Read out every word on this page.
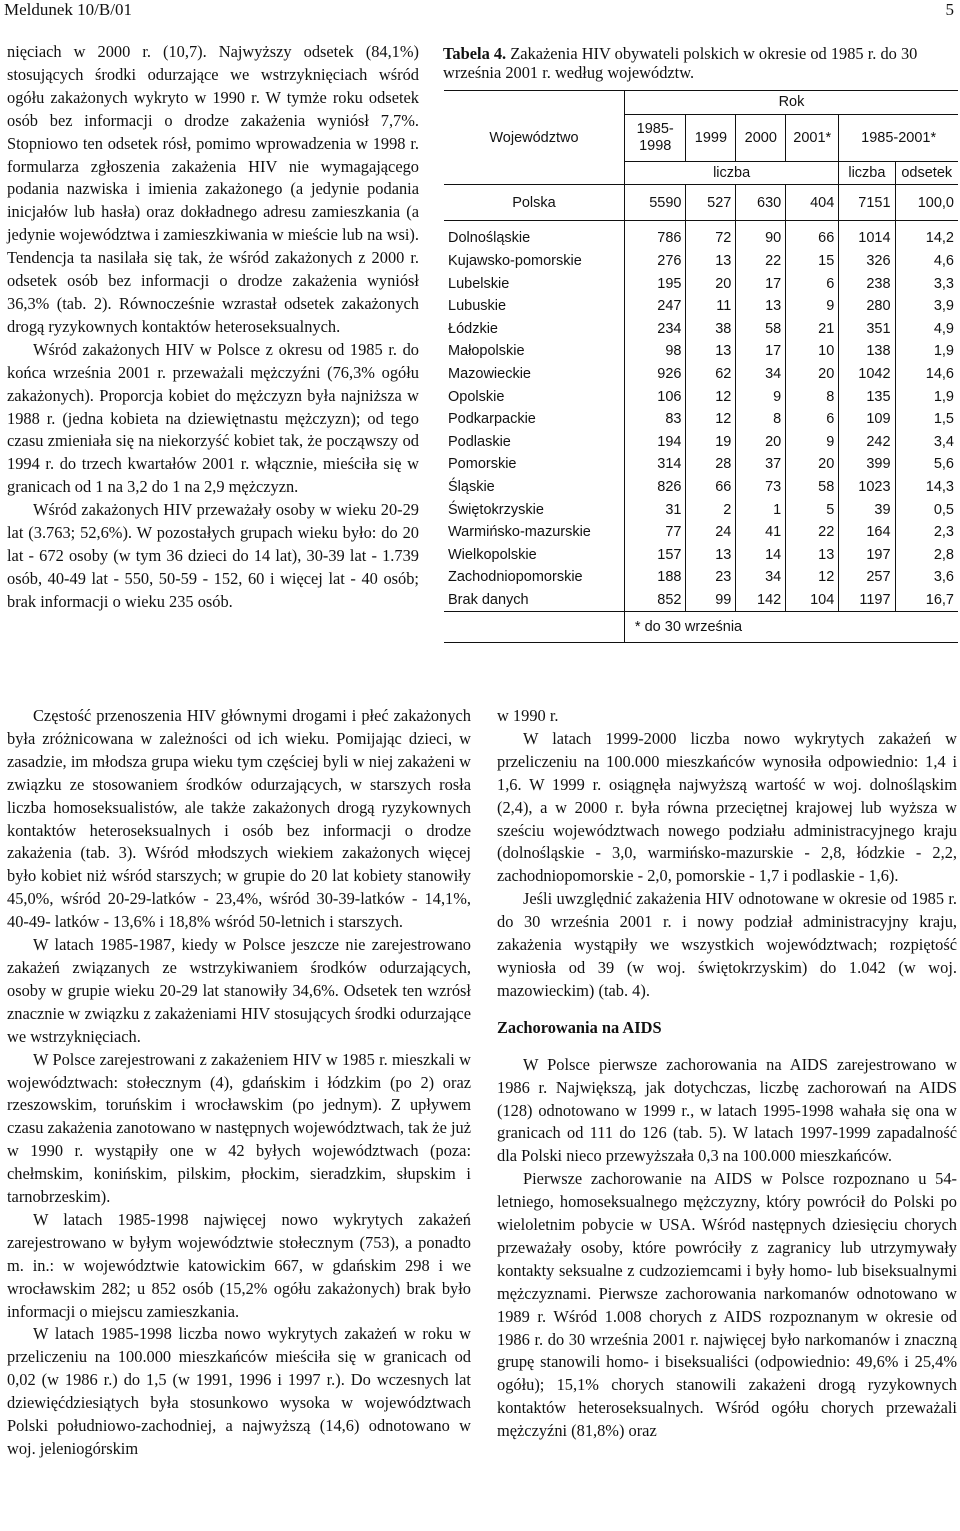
Meldunek 10/B/01	5

nięciach w 2000 r. (10,7). Najwyższy odsetek (84,1%) stosujących środki odurzające we wstrzyknięciach wśród ogółu zakażonych wykryto w 1990 r. W tymże roku odsetek osób bez informacji o drodze zakażenia wyniósł 7,7%. Stopniowo ten odsetek rósł, pomimo wprowadzenia w 1998 r. formularza zgłoszenia zakażenia HIV nie wymagającego podania nazwiska i imienia zakażonego (a jedynie podania inicjałów lub hasła) oraz dokładnego adresu zamieszkania (a jedynie województwa i zamieszkiwania w mieście lub na wsi). Tendencja ta nasilała się tak, że wśród zakażonych z 2000 r. odsetek osób bez informacji o drodze zakażenia wyniósł 36,3% (tab. 2). Równocześnie wzrastał odsetek zakażonych drogą ryzykownych kontaktów heteroseksualnych.

Wśród zakażonych HIV w Polsce z okresu od 1985 r. do końca września 2001 r. przeważali mężczyźni (76,3% ogółu zakażonych). Proporcja kobiet do mężczyzn była najniższa w 1988 r. (jedna kobieta na dziewiętnastu mężczyzn); od tego czasu zmieniała się na niekorzyść kobiet tak, że począwszy od 1994 r. do trzech kwartałów 2001 r. włącznie, mieściła się w granicach od 1 na 3,2 do 1 na 2,9 mężczyzn.

Wśród zakażonych HIV przeważały osoby w wieku 20-29 lat (3.763; 52,6%). W pozostałych grupach wieku było: do 20 lat - 672 osoby (w tym 36 dzieci do 14 lat), 30-39 lat - 1.739 osób, 40-49 lat - 550, 50-59 - 152, 60 i więcej lat - 40 osób; brak informacji o wieku 235 osób.

Tabela 4. Zakażenia HIV obywateli polskich w okresie od 1985 r. do 30 września 2001 r. według województw.
Województwo	Rok					
	1985-
1998	1999	2000	2001*	1985-2001*	
	liczba				liczba	odsetek
Polska	5590	527	630	404	7151	100,0
Dolnośląskie	786	72	90	66	1014	14,2
Kujawsko-pomorskie	276	13	22	15	326	4,6
Lubelskie	195	20	17	6	238	3,3
Lubuskie	247	11	13	9	280	3,9
Łódzkie	234	38	58	21	351	4,9
Małopolskie	98	13	17	10	138	1,9
Mazowieckie	926	62	34	20	1042	14,6
Opolskie	106	12	9	8	135	1,9
Podkarpackie	83	12	8	6	109	1,5
Podlaskie	194	19	20	9	242	3,4
Pomorskie	314	28	37	20	399	5,6
Śląskie	826	66	73	58	1023	14,3
Świętokrzyskie	31	2	1	5	39	0,5
Warmińsko-mazurskie	77	24	41	22	164	2,3
Wielkopolskie	157	13	14	13	197	2,8
Zachodniopomorskie	188	23	34	12	257	3,6
Brak danych	852	99	142	104	1197	16,7
	* do 30 września					

Częstość przenoszenia HIV głównymi drogami i płeć zakażonych była zróżnicowana w zależności od ich wieku. Pomijając dzieci, w zasadzie, im młodsza grupa wieku tym częściej byli w niej zakażeni w związku ze stosowaniem środków odurzających, w starszych rosła liczba homoseksualistów, ale także zakażonych drogą ryzykownych kontaktów heteroseksualnych i osób bez informacji o drodze zakażenia (tab. 3). Wśród młodszych wiekiem zakażonych więcej było kobiet niż wśród starszych; w grupie do 20 lat kobiety stanowiły 45,0%, wśród 20-29-latków - 23,4%, wśród 30-39-latków - 14,1%, 40-49- latków - 13,6% i 18,8% wśród 50-letnich i starszych.

W latach 1985-1987, kiedy w Polsce jeszcze nie zarejestrowano zakażeń związanych ze wstrzykiwaniem środków odurzających, osoby w grupie wieku 20-29 lat stanowiły 34,6%. Odsetek ten wzrósł znacznie w związku z zakażeniami HIV stosujących środki odurzające we wstrzyknięciach.

W Polsce zarejestrowani z zakażeniem HIV w 1985 r. mieszkali w województwach: stołecznym (4), gdańskim i łódzkim (po 2) oraz rzeszowskim, toruńskim i wrocławskim (po jednym). Z upływem czasu zakażenia zanotowano w następnych województwach, tak że już w 1990 r. wystąpiły one w 42 byłych województwach (poza: chełmskim, konińskim, pilskim, płockim, sieradzkim, słupskim i tarnobrzeskim).

W latach 1985-1998 najwięcej nowo wykrytych zakażeń zarejestrowano w byłym województwie stołecznym (753), a ponadto m. in.: w województwie katowickim 667, w gdańskim 298 i we wrocławskim 282; u 852 osób (15,2% ogółu zakażonych) brak było informacji o miejscu zamieszkania.

W latach 1985-1998 liczba nowo wykrytych zakażeń w roku w przeliczeniu na 100.000 mieszkańców mieściła się w granicach od 0,02 (w 1986 r.) do 1,5 (w 1991, 1996 i 1997 r.). Do wczesnych lat dziewięćdziesiątych była stosunkowo wysoka w województwach Polski południowo-zachodniej, a najwyższą (14,6) odnotowano w woj. jeleniogórskim

w 1990 r.

W latach 1999-2000 liczba nowo wykrytych zakażeń w przeliczeniu na 100.000 mieszkańców wynosiła odpowiednio: 1,4 i 1,6. W 1999 r. osiągnęła najwyższą wartość w woj. dolnośląskim (2,4), a w 2000 r. była równa przeciętnej krajowej lub wyższa w sześciu województwach nowego podziału administracyjnego kraju (dolnośląskie - 3,0, warmińsko-mazurskie - 2,8, łódzkie - 2,2, zachodniopomorskie - 2,0, pomorskie - 1,7 i podlaskie - 1,6).

Jeśli uwzględnić zakażenia HIV odnotowane w okresie od 1985 r. do 30 września 2001 r. i nowy podział administracyjny kraju, zakażenia wystąpiły we wszystkich województwach; rozpiętość wyniosła od 39 (w woj. świętokrzyskim) do 1.042 (w woj. mazowieckim) (tab. 4).

Zachorowania na AIDS

W Polsce pierwsze zachorowania na AIDS zarejestrowano w 1986 r. Największą, jak dotychczas, liczbę zachorowań na AIDS (128) odnotowano w 1999 r., w latach 1995-1998 wahała się ona w granicach od 111 do 126 (tab. 5). W latach 1997-1999 zapadalność dla Polski nieco przewyższała 0,3 na 100.000 mieszkańców.

Pierwsze zachorowanie na AIDS w Polsce rozpoznano u 54-letniego, homoseksualnego mężczyzny, który powrócił do Polski po wieloletnim pobycie w USA. Wśród następnych dziesięciu chorych przeważały osoby, które powróciły z zagranicy lub utrzymywały kontakty seksualne z cudzoziemcami i były homo- lub biseksualnymi mężczyznami. Pierwsze zachorowania narkomanów odnotowano w 1989 r. Wśród 1.008 chorych z AIDS rozpoznanym w okresie od 1986 r. do 30 września 2001 r. najwięcej było narkomanów i znaczną grupę stanowili homo- i biseksualiści (odpowiednio: 49,6% i 25,4% ogółu); 15,1% chorych stanowili zakażeni drogą ryzykownych kontaktów heteroseksualnych. Wśród ogółu chorych przeważali mężczyźni (81,8%) oraz
